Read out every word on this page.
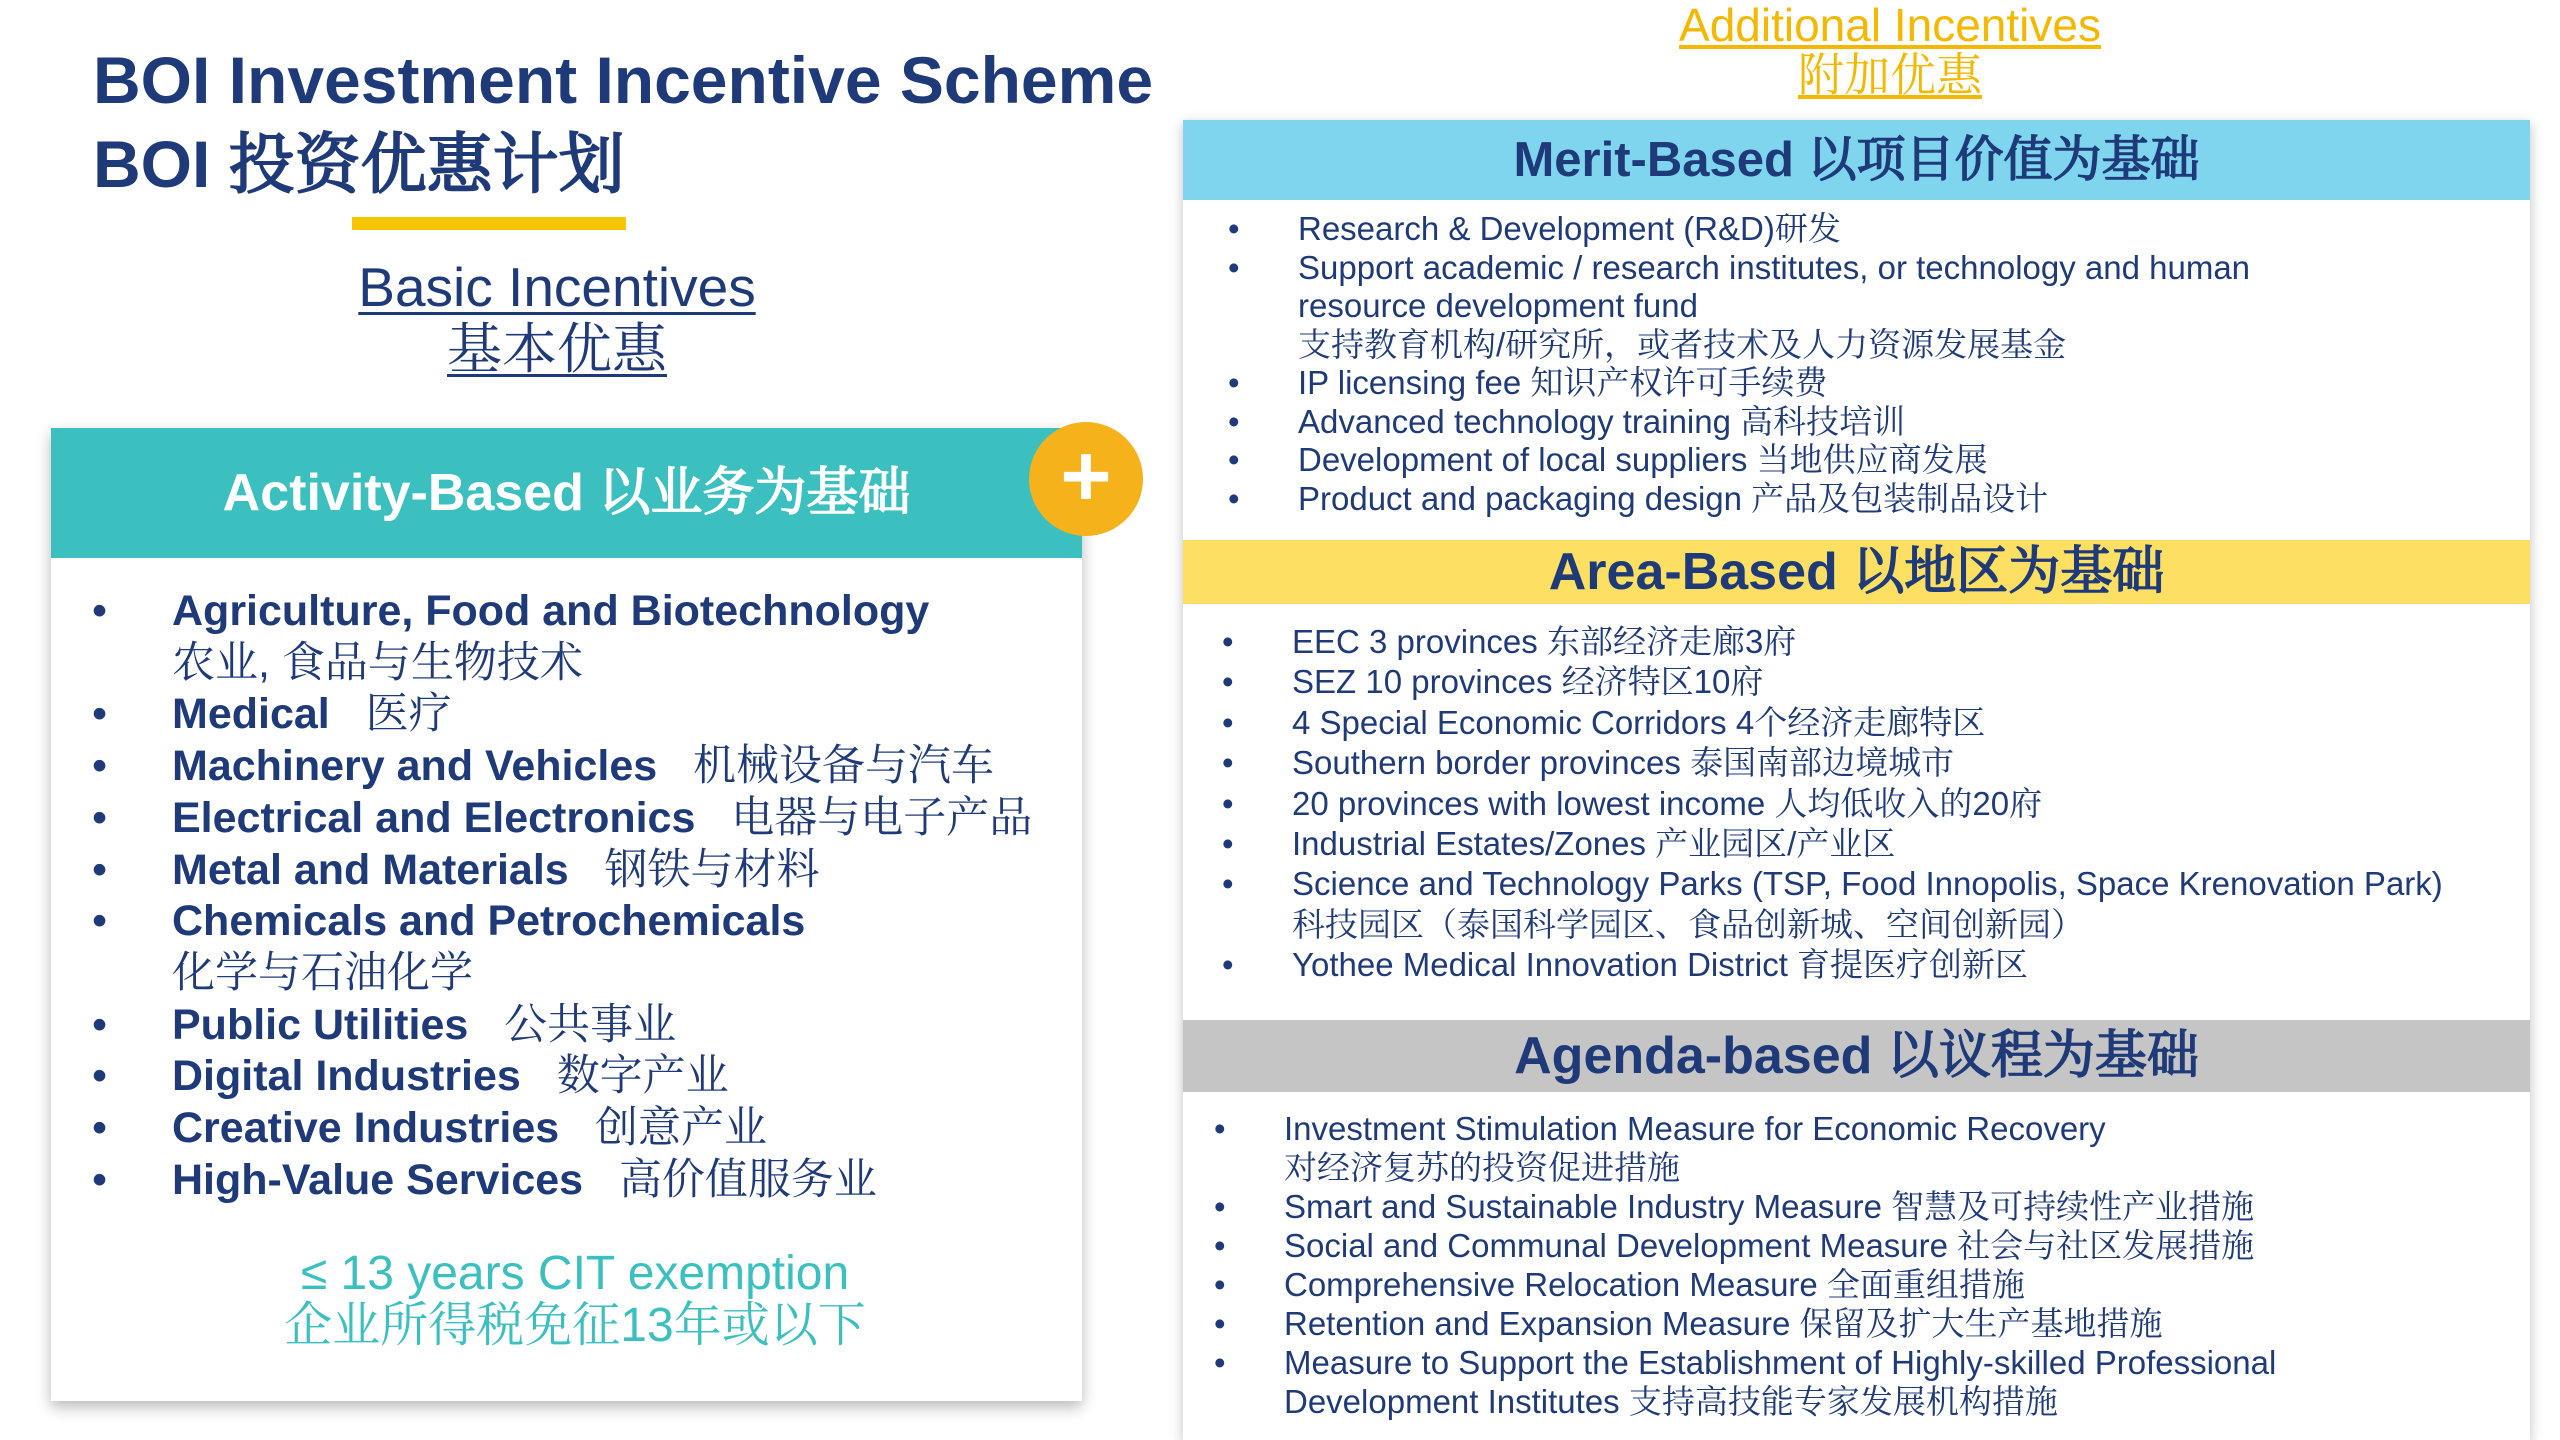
BOI Investment Incentive Scheme
BOI 投资优惠计划
Basic Incentives
基本优惠
Activity-Based 以业务为基础	+
• Agriculture, Food and Biotechnology
农业, 食品与生物技术
• Medical 医疗
• Machinery and Vehicles 机械设备与汽车
• Electrical and Electronics 电器与电子产品
• Metal and Materials 钢铁与材料
• Chemicals and Petrochemicals
化学与石油化学
• Public Utilities 公共事业
• Digital Industries 数字产业
• Creative Industries 创意产业
• High-Value Services 高价值服务业
≤ 13 years CIT exemption
企业所得税免征13年或以下
Additional Incentives
附加优惠
Merit-Based 以项目价值为基础
• Research & Development (R&D)研发
• Support academic / research institutes, or technology and human
resource development fund
支持教育机构/研究所，或者技术及人力资源发展基金
• IP licensing fee 知识产权许可手续费
• Advanced technology training 高科技培训
• Development of local suppliers 当地供应商发展
• Product and packaging design 产品及包装制品设计
Area-Based 以地区为基础
• EEC 3 provinces 东部经济走廊3府
• SEZ 10 provinces 经济特区10府
• 4 Special Economic Corridors 4个经济走廊特区
• Southern border provinces 泰国南部边境城市
• 20 provinces with lowest income 人均低收入的20府
• Industrial Estates/Zones 产业园区/产业区
• Science and Technology Parks (TSP, Food Innopolis, Space Krenovation Park)
科技园区（泰国科学园区、食品创新城、空间创新园）
• Yothee Medical Innovation District 育提医疗创新区
Agenda-based 以议程为基础
• Investment Stimulation Measure for Economic Recovery
对经济复苏的投资促进措施
• Smart and Sustainable Industry Measure 智慧及可持续性产业措施
• Social and Communal Development Measure 社会与社区发展措施
• Comprehensive Relocation Measure 全面重组措施
• Retention and Expansion Measure 保留及扩大生产基地措施
• Measure to Support the Establishment of Highly-skilled Professional
Development Institutes 支持高技能专家发展机构措施
